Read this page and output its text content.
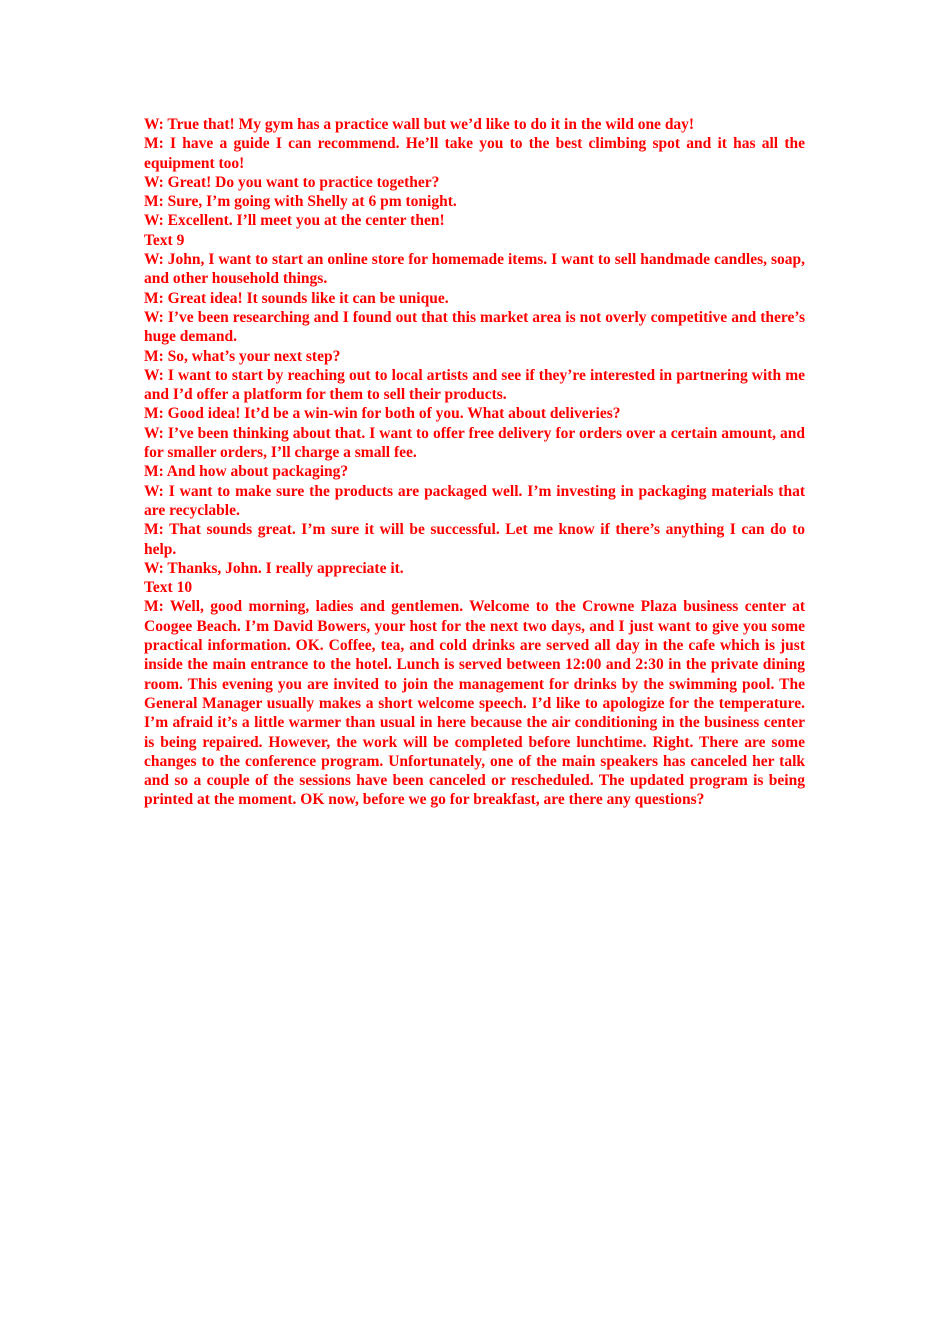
W: True that! My gym has a practice wall but we’d like to do it in the wild one day!

M: I have a guide I can recommend. He’ll take you to the best climbing spot and it has all the equipment too!

W: Great! Do you want to practice together?

M: Sure, I’m going with Shelly at 6 pm tonight.

W: Excellent. I’ll meet you at the center then!

Text 9

W: John, I want to start an online store for homemade items. I want to sell handmade candles, soap, and other household things.

M: Great idea! It sounds like it can be unique.

W: I’ve been researching and I found out that this market area is not overly competitive and there’s huge demand.

M: So, what’s your next step?

W: I want to start by reaching out to local artists and see if they’re interested in partnering with me and I’d offer a platform for them to sell their products.

M: Good idea! It’d be a win-win for both of you. What about deliveries?

W: I’ve been thinking about that. I want to offer free delivery for orders over a certain amount, and for smaller orders, I’ll charge a small fee.

M: And how about packaging?

W: I want to make sure the products are packaged well. I’m investing in packaging materials that are recyclable.

M: That sounds great. I’m sure it will be successful. Let me know if there’s anything I can do to help.

W: Thanks, John. I really appreciate it.

Text 10

M: Well, good morning, ladies and gentlemen. Welcome to the Crowne Plaza business center at Coogee Beach. I’m David Bowers, your host for the next two days, and I just want to give you some practical information. OK. Coffee, tea, and cold drinks are served all day in the cafe which is just inside the main entrance to the hotel. Lunch is served between 12:00 and 2:30 in the private dining room. This evening you are invited to join the management for drinks by the swimming pool. The General Manager usually makes a short welcome speech. I’d like to apologize for the temperature. I’m afraid it’s a little warmer than usual in here because the air conditioning in the business center is being repaired. However, the work will be completed before lunchtime. Right. There are some changes to the conference program. Unfortunately, one of the main speakers has canceled her talk and so a couple of the sessions have been canceled or rescheduled. The updated program is being printed at the moment. OK now, before we go for breakfast, are there any questions?
